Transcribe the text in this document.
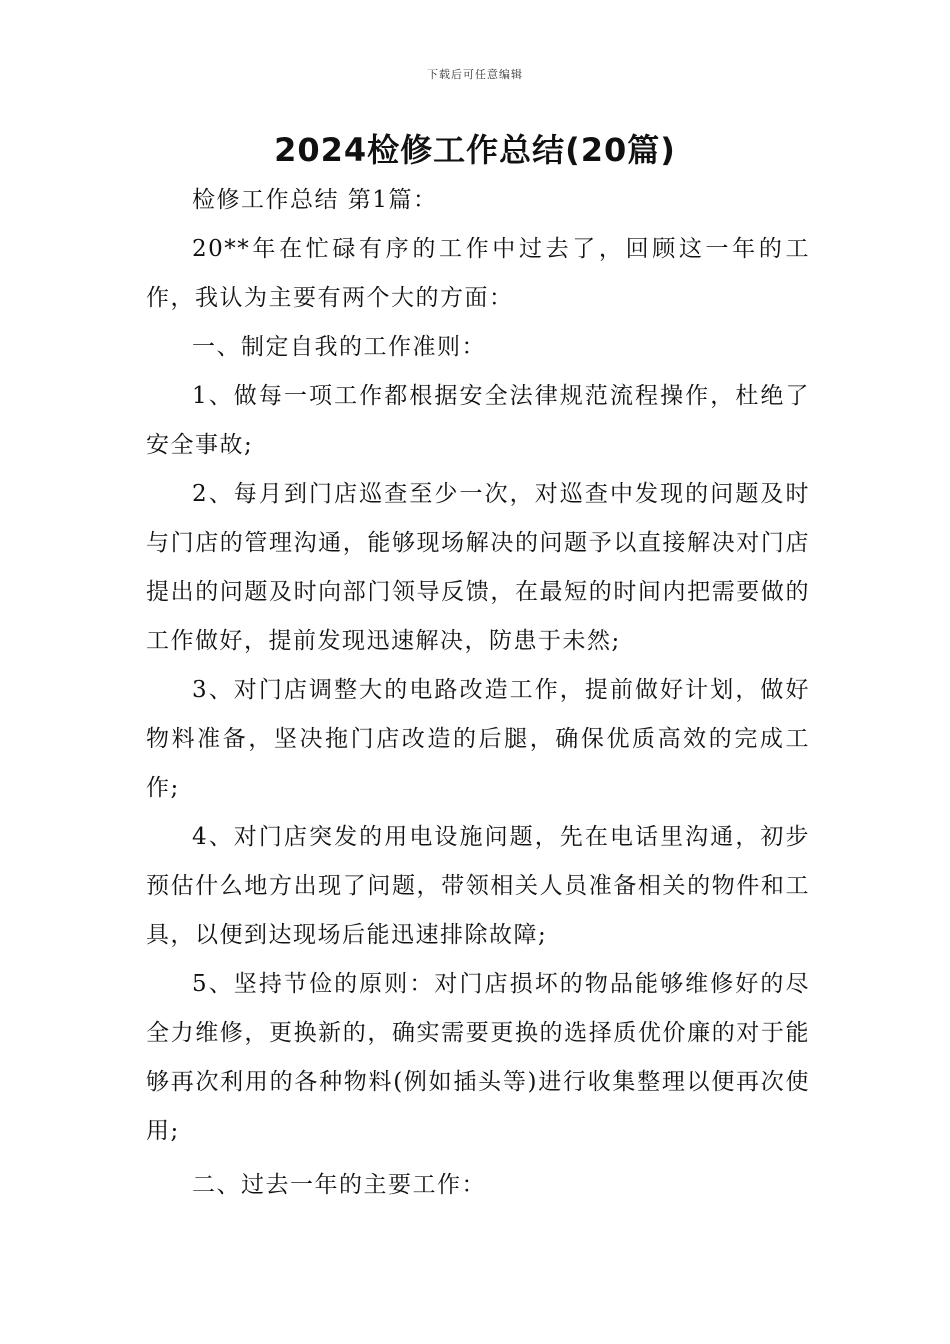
下载后可任意编辑
2024检修工作总结(20篇)

检修工作总结 第1篇：

20**年在忙碌有序的工作中过去了，回顾这一年的工作，我认为主要有两个大的方面：

一、制定自我的工作准则：

1、做每一项工作都根据安全法律规范流程操作，杜绝了安全事故;

2、每月到门店巡查至少一次，对巡查中发现的问题及时与门店的管理沟通，能够现场解决的问题予以直接解决对门店提出的问题及时向部门领导反馈，在最短的时间内把需要做的工作做好，提前发现迅速解决，防患于未然;

3、对门店调整大的电路改造工作，提前做好计划，做好物料准备，坚决拖门店改造的后腿，确保优质高效的完成工作;

4、对门店突发的用电设施问题，先在电话里沟通，初步预估什么地方出现了问题，带领相关人员准备相关的物件和工具，以便到达现场后能迅速排除故障;

5、坚持节俭的原则：对门店损坏的物品能够维修好的尽全力维修，更换新的，确实需要更换的选择质优价廉的对于能够再次利用的各种物料(例如插头等)进行收集整理以便再次使用;

二、过去一年的主要工作：
